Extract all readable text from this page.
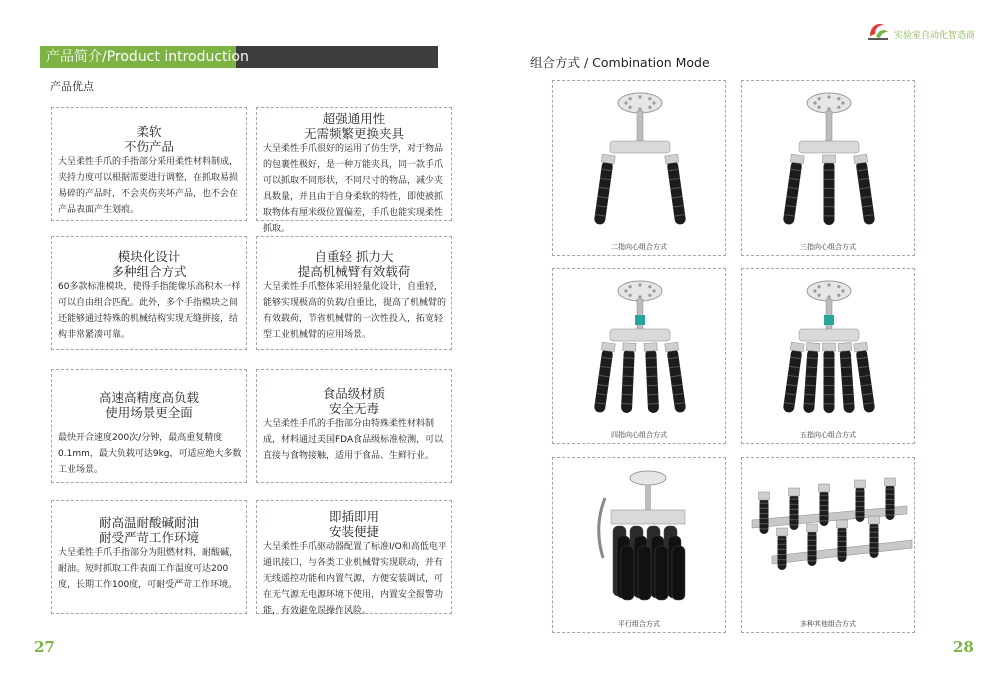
产品简介/Product introduction
产品优点
柔软
不伤产品
大呈柔性手爪的手指部分采用柔性材料制成，夹持力度可以根据需要进行调整，在抓取易损易碎的产品时，不会夹伤夹坏产品，也不会在产品表面产生划痕。
超强通用性
无需频繁更换夹具
大呈柔性手爪很好的运用了仿生学，对于物品的包裹性极好，是一种万能夹具，同一款手爪可以抓取不同形状，不同尺寸的物品，减少夹具数量，并且由于自身柔软的特性，即使被抓取物体有厘米级位置偏差，手爪也能实现柔性抓取。
模块化设计
多种组合方式
60多款标准模块，使得手指能像乐高积木一样可以自由组合匹配。此外，多个手指模块之间还能够通过特殊的机械结构实现无缝拼接，结构非常紧凑可靠。
自重轻 抓力大
提高机械臂有效载荷
大呈柔性手爪整体采用轻量化设计，自重轻，能够实现极高的负载/自重比，提高了机械臂的有效载荷，节省机械臂的一次性投入，拓宽轻型工业机械臂的应用场景。
高速高精度高负载
使用场景更全面
最快开合速度200次/分钟，最高重复精度0.1mm，最大负载可达9kg，可适应绝大多数工业场景。
食品级材质
安全无毒
大呈柔性手爪的手指部分由特殊柔性材料制成，材料通过美国FDA食品级标准检测，可以直接与食物接触，适用于食品、生鲜行业。
耐高温耐酸碱耐油
耐受严苛工作环境
大呈柔性手爪手指部分为阻燃材料，耐酸碱，耐油。短时抓取工件表面工作温度可达200度，长期工作100度，可耐受严苛工作环境。
即插即用
安装便捷
大呈柔性手爪驱动器配置了标准I/O和高低电平通讯接口，与各类工业机械臂实现联动，并有无线遥控功能和内置气源，方便安装调试，可在无气源无电源环境下使用，内置安全报警功能，有效避免误操作风险。
27
实验室自动化智造商
组合方式 / Combination Mode
二指向心组合方式	三指向心组合方式
四指向心组合方式	五指向心组合方式
平行组合方式	多种其他组合方式
28
